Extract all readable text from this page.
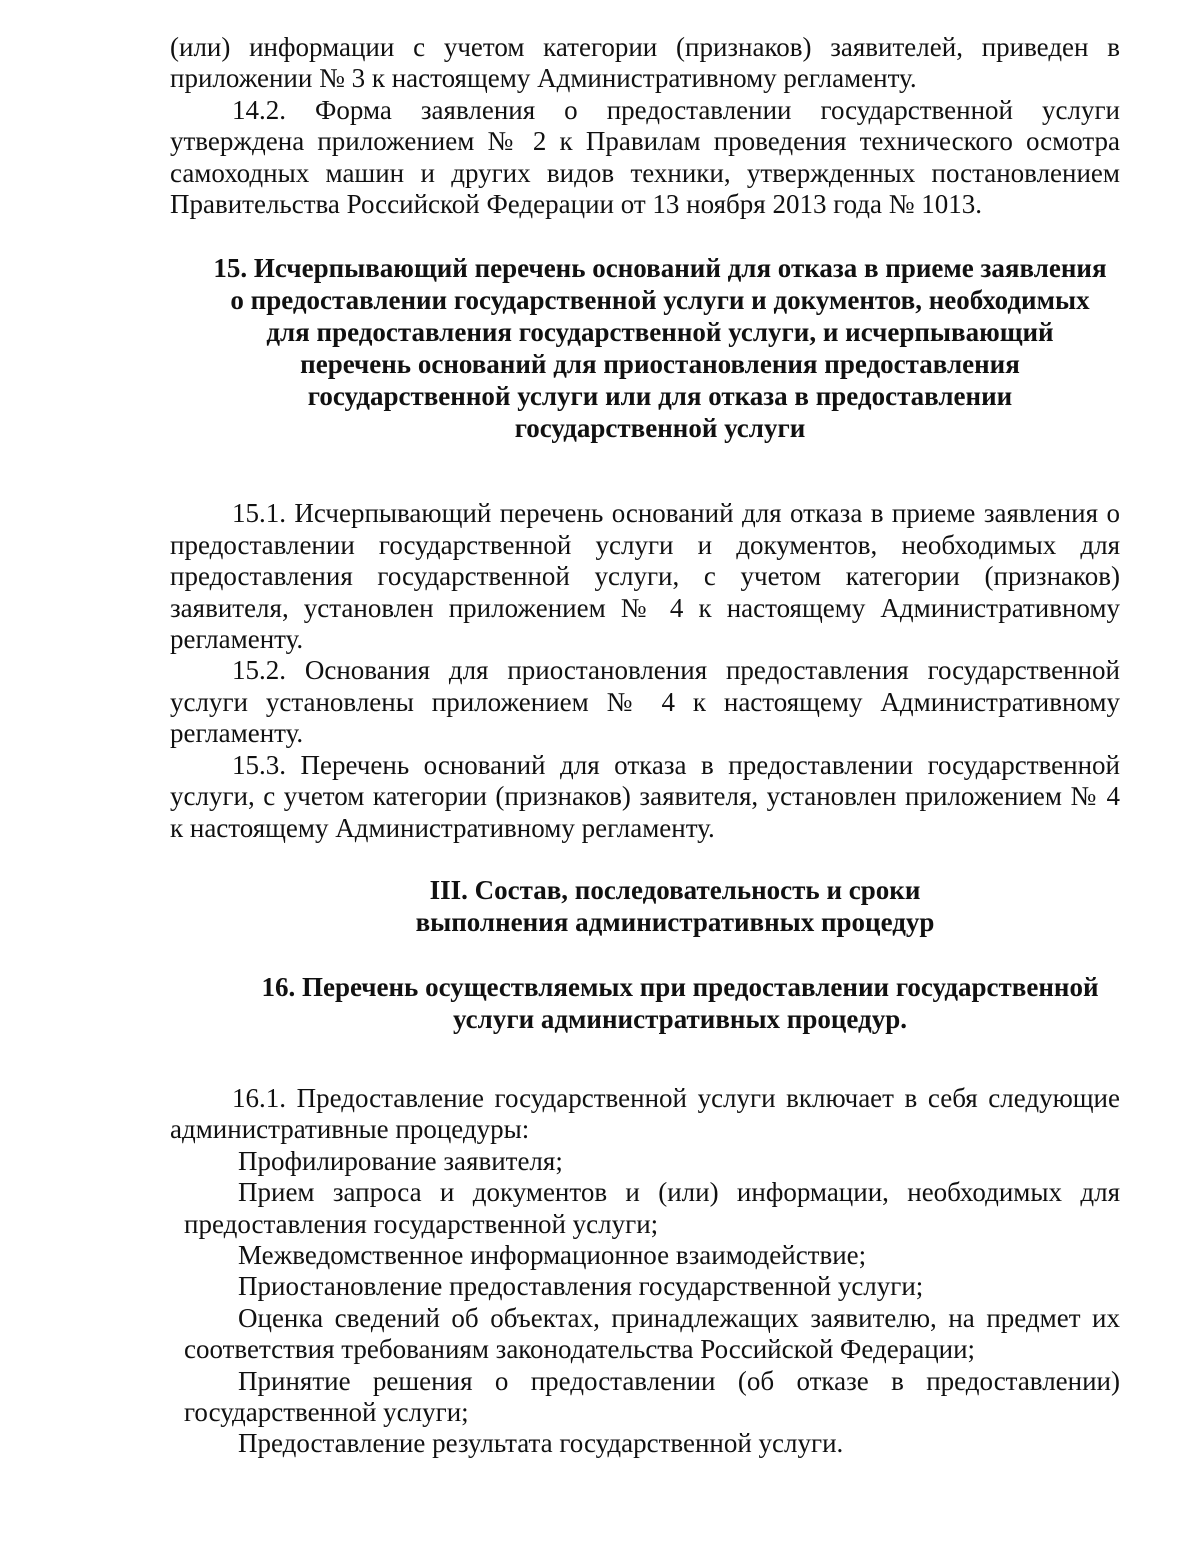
(или) информации с учетом категории (признаков) заявителей, приведен в приложении № 3 к настоящему Административному регламенту.

14.2. Форма заявления о предоставлении государственной услуги утверждена приложением № 2 к Правилам проведения технического осмотра самоходных машин и других видов техники, утвержденных постановлением Правительства Российской Федерации от 13 ноября 2013 года № 1013.

15. Исчерпывающий перечень оснований для отказа в приеме заявления о предоставлении государственной услуги и документов, необходимых для предоставления государственной услуги, и исчерпывающий перечень оснований для приостановления предоставления государственной услуги или для отказа в предоставлении государственной услуги

15.1. Исчерпывающий перечень оснований для отказа в приеме заявления о предоставлении государственной услуги и документов, необходимых для предоставления государственной услуги, с учетом категории (признаков) заявителя, установлен приложением № 4 к настоящему Административному регламенту.

15.2. Основания для приостановления предоставления государственной услуги установлены приложением № 4 к настоящему Административному регламенту.

15.3. Перечень оснований для отказа в предоставлении государственной услуги, с учетом категории (признаков) заявителя, установлен приложением № 4 к настоящему Административному регламенту.

III. Состав, последовательность и сроки выполнения административных процедур
16. Перечень осуществляемых при предоставлении государственной услуги административных процедур.

16.1. Предоставление государственной услуги включает в себя следующие административные процедуры:

Профилирование заявителя;

Прием запроса и документов и (или) информации, необходимых для предоставления государственной услуги;

Межведомственное информационное взаимодействие;

Приостановление предоставления государственной услуги;

Оценка сведений об объектах, принадлежащих заявителю, на предмет их соответствия требованиям законодательства Российской Федерации;

Принятие решения о предоставлении (об отказе в предоставлении) государственной услуги;

Предоставление результата государственной услуги.
